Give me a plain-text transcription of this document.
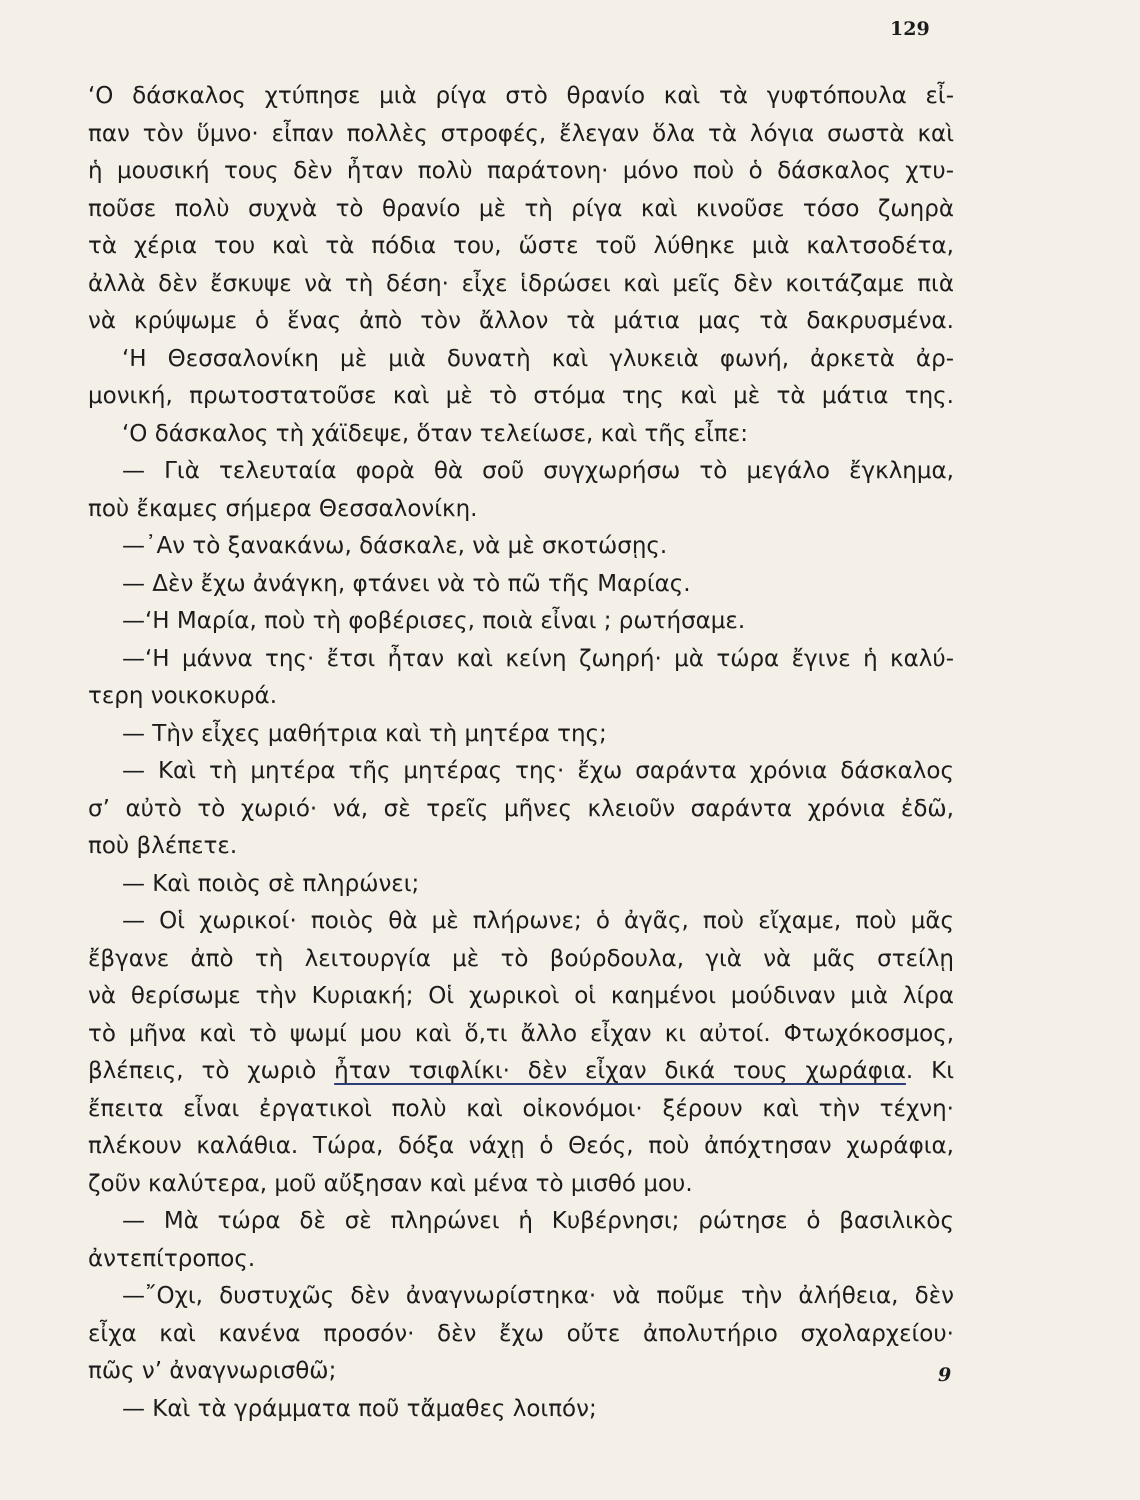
129
‘Ο δάσκαλος χτύπησε μιὰ ρίγα στὸ θρανίο καὶ τὰ γυφτόπουλα εἶ-
παν τὸν ὕμνο· εἶπαν πολλὲς στροφές, ἔλεγαν ὅλα τὰ λόγια σωστὰ καὶ
ἡ μουσική τους δὲν ἦταν πολὺ παράτονη· μόνο ποὺ ὁ δάσκαλος χτυ-
ποῦσε πολὺ συχνὰ τὸ θρανίο μὲ τὴ ρίγα καὶ κινοῦσε τόσο ζωηρὰ
τὰ χέρια του καὶ τὰ πόδια του, ὥστε τοῦ λύθηκε μιὰ καλτσοδέτα,
ἀλλὰ δὲν ἔσκυψε νὰ τὴ δέση· εἶχε ἱδρώσει καὶ μεῖς δὲν κοιτάζαμε πιὰ
νὰ κρύψωμε ὁ ἕνας ἀπὸ τὸν ἄλλον τὰ μάτια μας τὰ δακρυσμένα.
‘Η Θεσσαλονίκη μὲ μιὰ δυνατὴ καὶ γλυκειὰ φωνή, ἀρκετὰ ἀρ-
μονική, πρωτοστατοῦσε καὶ μὲ τὸ στόμα της καὶ μὲ τὰ μάτια της.
‘Ο δάσκαλος τὴ χάϊδεψε, ὅταν τελείωσε, καὶ τῆς εἶπε:
— Γιὰ τελευταία φορὰ θὰ σοῦ συγχωρήσω τὸ μεγάλο ἔγκλημα,
ποὺ ἔκαμες σήμερα Θεσσαλονίκη.
—᾿Αν τὸ ξανακάνω, δάσκαλε, νὰ μὲ σκοτώσῃς.
— Δὲν ἔχω ἀνάγκη, φτάνει νὰ τὸ πῶ τῆς Μαρίας.
—‘Η Μαρία, ποὺ τὴ φοβέρισες, ποιὰ εἶναι ; ρωτήσαμε.
—‘Η μάννα της· ἔτσι ἦταν καὶ κείνη ζωηρή· μὰ τώρα ἔγινε ἡ καλύ-
τερη νοικοκυρά.
— Τὴν εἶχες μαθήτρια καὶ τὴ μητέρα της;
— Καὶ τὴ μητέρα τῆς μητέρας της· ἔχω σαράντα χρόνια δάσκαλος
σ’ αὐτὸ τὸ χωριό· νά, σὲ τρεῖς μῆνες κλειοῦν σαράντα χρόνια ἐδῶ,
ποὺ βλέπετε.
— Καὶ ποιὸς σὲ πληρώνει;
— Οἱ χωρικοί· ποιὸς θὰ μὲ πλήρωνε; ὁ ἀγᾶς, ποὺ εἴχαμε, ποὺ μᾶς
ἔβγανε ἀπὸ τὴ λειτουργία μὲ τὸ βούρδουλα, γιὰ νὰ μᾶς στείλῃ
νὰ θερίσωμε τὴν Κυριακή; Οἱ χωρικοὶ οἱ καημένοι μούδιναν μιὰ λίρα
τὸ μῆνα καὶ τὸ ψωμί μου καὶ ὅ,τι ἄλλο εἶχαν κι αὐτοί. Φτωχόκοσμος,
βλέπεις, τὸ χωριὸ ἦταν τσιφλίκι· δὲν εἶχαν δικά τους χωράφια. Κι
ἔπειτα εἶναι ἐργατικοὶ πολὺ καὶ οἰκονόμοι· ξέρουν καὶ τὴν τέχνη·
πλέκουν καλάθια. Τώρα, δόξα νάχῃ ὁ Θεός, ποὺ ἀπόχτησαν χωράφια,
ζοῦν καλύτερα, μοῦ αὔξησαν καὶ μένα τὸ μισθό μου.
— Μὰ τώρα δὲ σὲ πληρώνει ἡ Κυβέρνησι; ρώτησε ὁ βασιλικὸς
ἀντεπίτροπος.
—῎Οχι, δυστυχῶς δὲν ἀναγνωρίστηκα· νὰ ποῦμε τὴν ἀλήθεια, δὲν
εἶχα καὶ κανένα προσόν· δὲν ἔχω οὔτε ἀπολυτήριο σχολαρχείου·
πῶς ν’ ἀναγνωρισθῶ;
— Καὶ τὰ γράμματα ποῦ τἄμαθες λοιπόν;
9
